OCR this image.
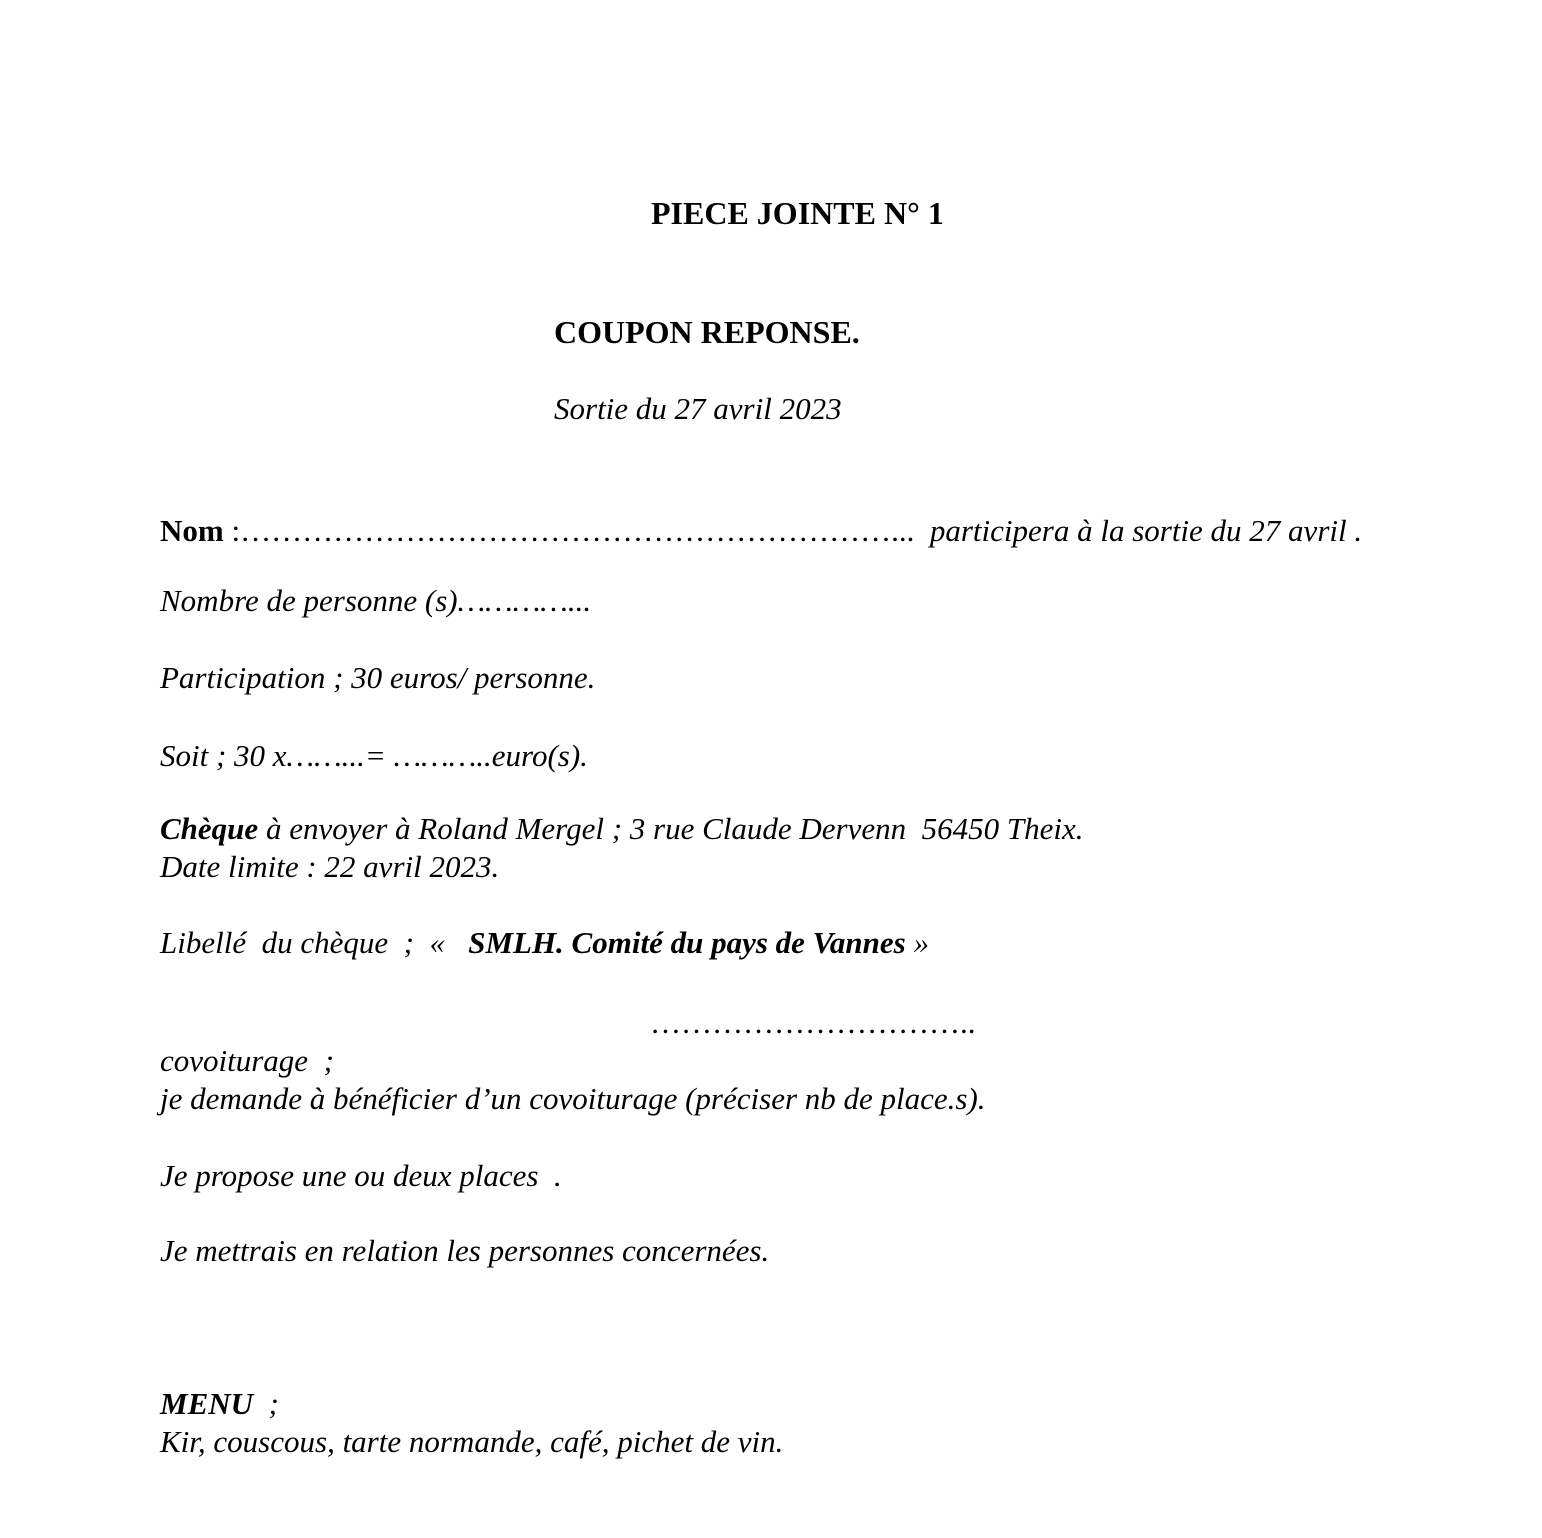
PIECE JOINTE N° 1

COUPON REPONSE.

Sortie du 27 avril 2023

Nom :………………………………………………………...  participera à la sortie du 27 avril .

Nombre de personne (s)…………...

Participation ; 30 euros/ personne.

Soit ; 30 x……...= ………..euro(s).

Chèque à envoyer à Roland Mergel ; 3 rue Claude Dervenn  56450 Theix.
Date limite : 22 avril 2023.

Libellé  du chèque  ;  «   SMLH. Comité du pays de Vannes »

…………………………..

covoiturage  ;
je demande à bénéficier d’un covoiturage (préciser nb de place.s).

Je propose une ou deux places  .

Je mettrais en relation les personnes concernées.

MENU  ;
Kir, couscous, tarte normande, café, pichet de vin.
